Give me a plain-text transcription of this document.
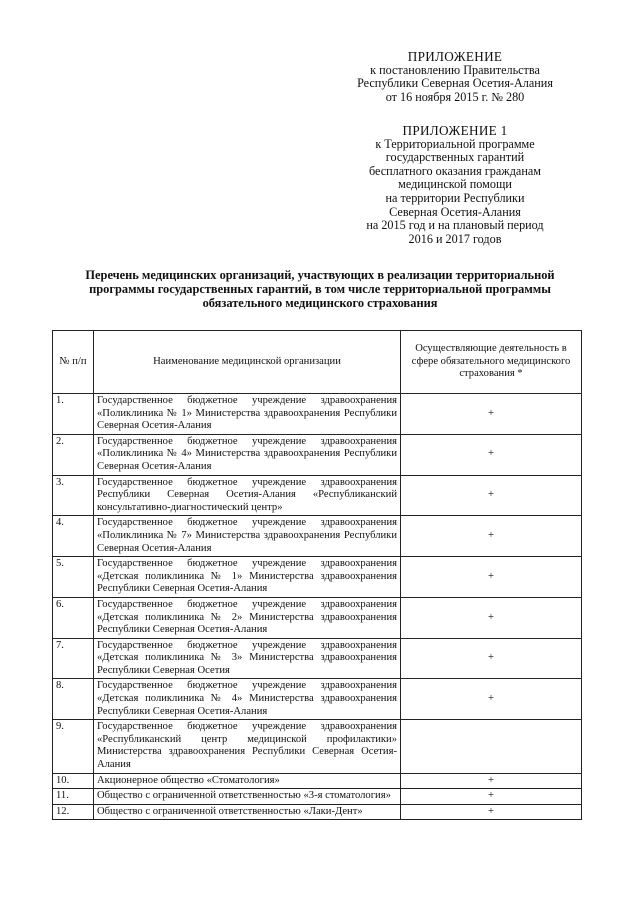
ПРИЛОЖЕНИЕ
к постановлению Правительства
Республики Северная Осетия-Алания
от 16 ноября 2015 г. № 280
ПРИЛОЖЕНИЕ 1
к Территориальной программе
государственных гарантий
бесплатного оказания гражданам
медицинской помощи
на территории Республики
Северная Осетия-Алания
на 2015 год и на плановый период
2016 и 2017 годов
Перечень медицинских организаций, участвующих в реализации территориальной
программы государственных гарантий, в том числе территориальной программы
обязательного медицинского страхования
№ п/п	Наименование медицинской организации	Осуществляющие деятельность в сфере обязательного медицинского страхования *
1.	Государственное бюджетное учреждение здравоохранения «Поликлиника № 1» Министерства здравоохранения Республики Северная Осетия-Алания	+
2.	Государственное бюджетное учреждение здравоохранения «Поликлиника № 4» Министерства здравоохранения Республики Северная Осетия-Алания	+
3.	Государственное бюджетное учреждение здравоохранения Республики Северная Осетия-Алания «Республиканский консультативно-диагностический центр»	+
4.	Государственное бюджетное учреждение здравоохранения «Поликлиника № 7» Министерства здравоохранения Республики Северная Осетия-Алания	+
5.	Государственное бюджетное учреждение здравоохранения «Детская поликлиника № 1» Министерства здравоохранения Республики Северная Осетия-Алания	+
6.	Государственное бюджетное учреждение здравоохранения «Детская поликлиника № 2» Министерства здравоохранения Республики Северная Осетия-Алания	+
7.	Государственное бюджетное учреждение здравоохранения «Детская поликлиника № 3» Министерства здравоохранения Республики Северная Осетия	+
8.	Государственное бюджетное учреждение здравоохранения «Детская поликлиника № 4» Министерства здравоохранения Республики Северная Осетия-Алания	+
9.	Государственное бюджетное учреждение здравоохранения «Республиканский центр медицинской профилактики» Министерства здравоохранения Республики Северная Осетия-Алания	
10.	Акционерное общество «Стоматология»	+
11.	Общество с ограниченной ответственностью «3-я стоматология»	+
12.	Общество с ограниченной ответственностью «Лаки-Дент»	+
